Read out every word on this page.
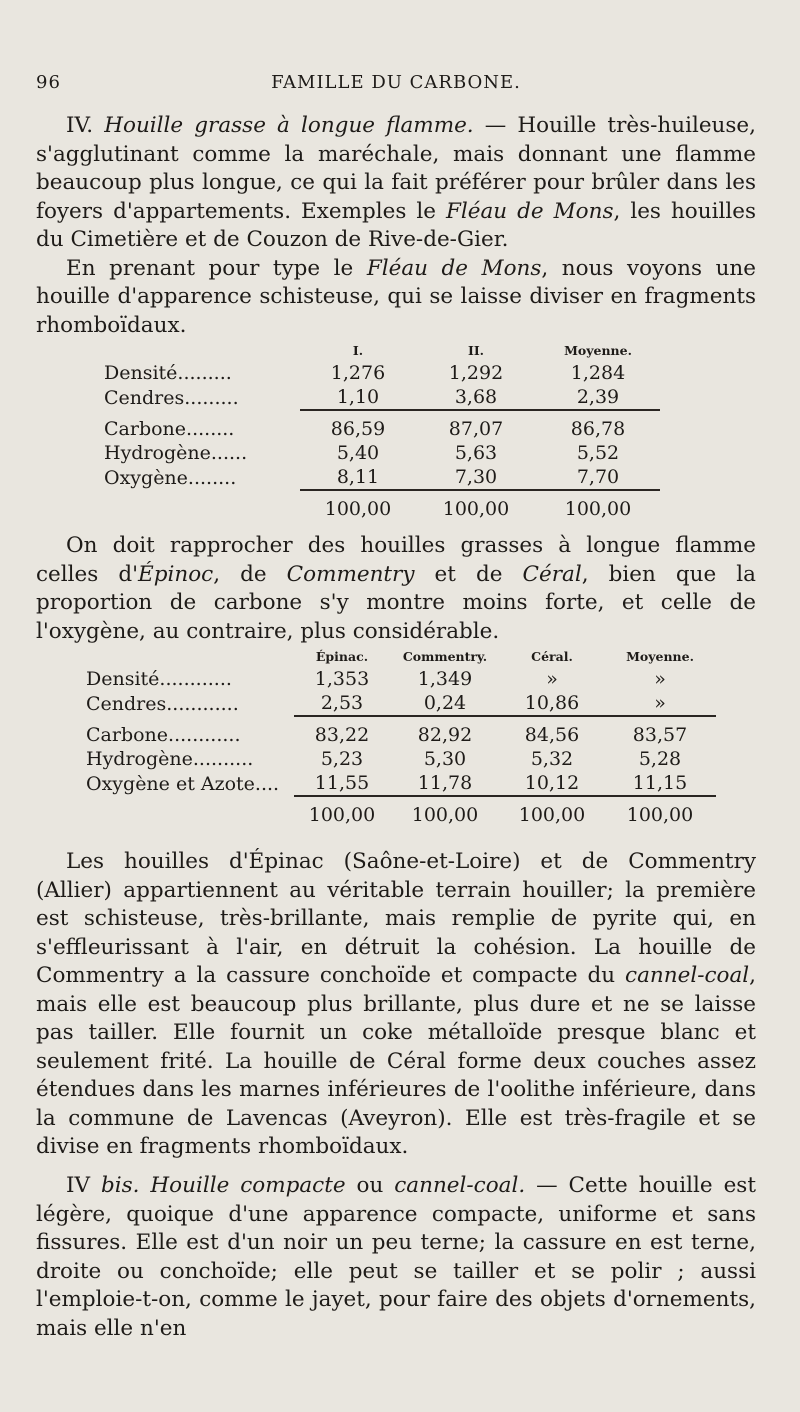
96	FAMILLE DU CARBONE.

IV. Houille grasse à longue flamme. — Houille très-huileuse, s'agglutinant comme la maréchale, mais donnant une flamme beaucoup plus longue, ce qui la fait préférer pour brûler dans les foyers d'appartements. Exemples le Fléau de Mons, les houilles du Cimetière et de Couzon de Rive-de-Gier.

En prenant pour type le Fléau de Mons, nous voyons une houille d'apparence schisteuse, qui se laisse diviser en fragments rhomboïdaux.

	I.	II.	Moyenne.
Densité.........	1,276	1,292	1,284
Cendres.........	1,10	3,68	2,39

Carbone........	86,59	87,07	86,78
Hydrogène......	5,40	5,63	5,52
Oxygène........	8,11	7,30	7,70

	100,00	100,00	100,00

On doit rapprocher des houilles grasses à longue flamme celles d'Épinoc, de Commentry et de Céral, bien que la proportion de carbone s'y montre moins forte, et celle de l'oxygène, au contraire, plus considérable.

	Épinac.	Commentry.	Céral.	Moyenne.
Densité............	1,353	1,349	»	»
Cendres............	2,53	0,24	10,86	»

Carbone............	83,22	82,92	84,56	83,57
Hydrogène..........	5,23	5,30	5,32	5,28
Oxygène et Azote....	11,55	11,78	10,12	11,15

	100,00	100,00	100,00	100,00

Les houilles d'Épinac (Saône-et-Loire) et de Commentry (Allier) appartiennent au véritable terrain houiller; la première est schisteuse, très-brillante, mais remplie de pyrite qui, en s'effleurissant à l'air, en détruit la cohésion. La houille de Commentry a la cassure conchoïde et compacte du cannel-coal, mais elle est beaucoup plus brillante, plus dure et ne se laisse pas tailler. Elle fournit un coke métalloïde presque blanc et seulement frité. La houille de Céral forme deux couches assez étendues dans les marnes inférieures de l'oolithe inférieure, dans la commune de Lavencas (Aveyron). Elle est très-fragile et se divise en fragments rhomboïdaux.

IV bis. Houille compacte ou cannel-coal. — Cette houille est légère, quoique d'une apparence compacte, uniforme et sans fissures. Elle est d'un noir un peu terne; la cassure en est terne, droite ou conchoïde; elle peut se tailler et se polir ; aussi l'emploie-t-on, comme le jayet, pour faire des objets d'ornements, mais elle n'en
